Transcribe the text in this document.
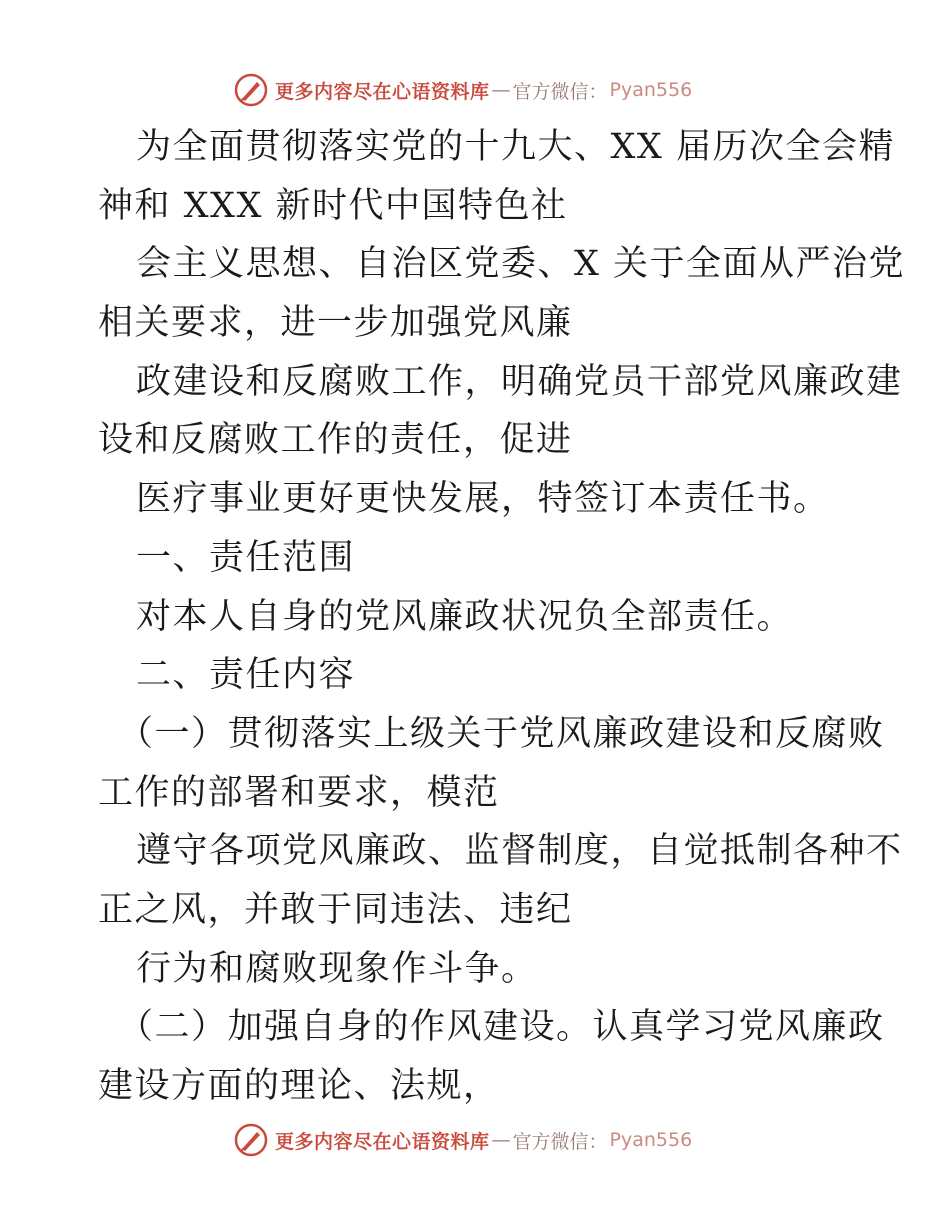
更多内容尽在心语资料库 — 官方微信： Pyan556
为全面贯彻落实党的十九大、XX 届历次全会精
神和 XXX 新时代中国特色社
会主义思想、自治区党委、X 关于全面从严治党
相关要求，进一步加强党风廉
政建设和反腐败工作，明确党员干部党风廉政建
设和反腐败工作的责任，促进
医疗事业更好更快发展，特签订本责任书。
一、责任范围
对本人自身的党风廉政状况负全部责任。
二、责任内容
（一）贯彻落实上级关于党风廉政建设和反腐败
工作的部署和要求，模范
遵守各项党风廉政、监督制度，自觉抵制各种不
正之风，并敢于同违法、违纪
行为和腐败现象作斗争。
（二）加强自身的作风建设。认真学习党风廉政
建设方面的理论、法规，
更多内容尽在心语资料库 — 官方微信： Pyan556
